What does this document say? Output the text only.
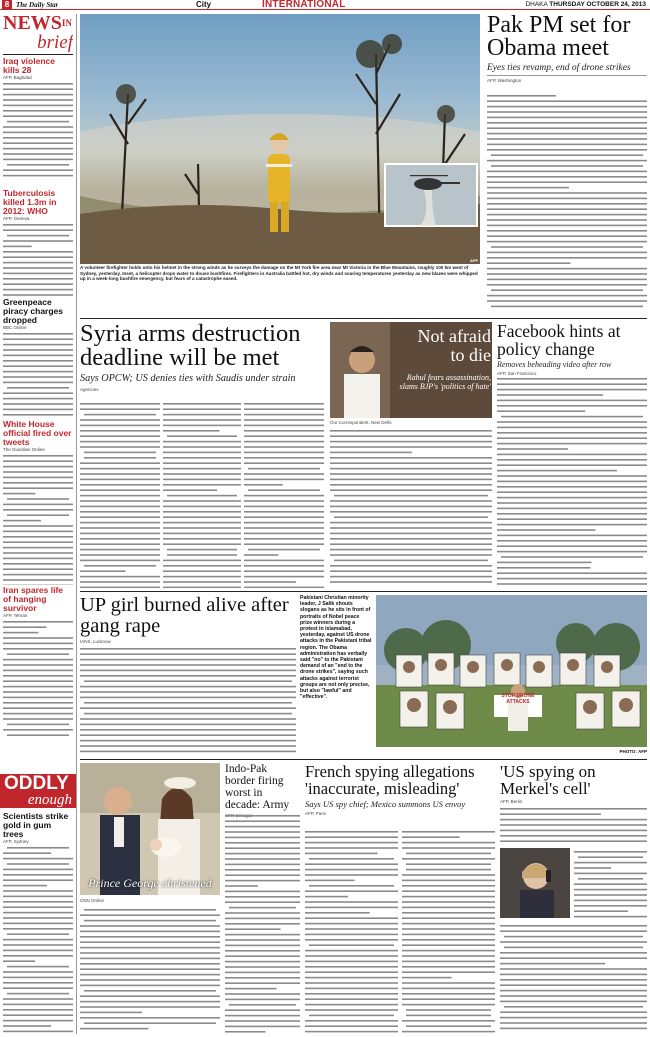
8 The Daily Star	City	INTERNATIONAL	DHAKA THURSDAY OCTOBER 24, 2013
$NEWS^{IN}$
brief
Iraq violence kills 28
AFP, Baghdad
Tuberculosis killed 1.3m in 2012: WHO
AFP, Geneva
Greenpeace piracy charges dropped
BBC Online
White House official fired over tweets
The Guardian Online
Iran spares life of hanging survivor
AFP, Tehran
ODDLY
enough
Scientists strike gold in gum trees
AFP, Sydney
A volunteer firefighter holds onto his helmet in the strong winds as he surveys the damage on the Mt York fire area near Mt Victoria in the Blue Mountains, roughly 100 km west of Sydney, yesterday. Inset, a helicopter drops water to douse bushfires. Firefighters in Australia battled hot, dry winds and soaring temperatures yesterday as new blazes were whipped up in a week-long bushfire emergency, but fears of a catastrophe eased.
AFP
Pak PM set for Obama meet
Eyes ties revamp, end of drone strikes
AFP, Washington
Syria arms destruction deadline will be met
Says OPCW; US denies ties with Saudis under strain
Agencies
Not afraid
to die
Rahul fears assassination, slams BJP's 'politics of hate'
Our Correspondent, New Delhi
Facebook hints at policy change
Removes beheading video after row
AFP, San Francisco
UP girl burned alive after gang rape
IANS, Lucknow
Pakistani Christian minority leader, J Salik shouts slogans as he sits in front of portraits of Nobel peace prize winners during a protest in Islamabad, yesterday, against US drone attacks in the Pakistani tribal region. The Obama administration has verbally said "no" to the Pakistani demand of an "end to the drone strikes", saying such attacks against terrorist groups are not only precise, but also "lawful" and "effective".	STOP DRONE ATTACKS
PHOTO: AFP
Prince George christened
CNN Online
Indo-Pak border firing worst in decade: Army
French spying allegations 'inaccurate, misleading'
Says US spy chief; Mexico summons US envoy
AFP, Paris
'US spying on Merkel's cell'
AFP, Berlin
